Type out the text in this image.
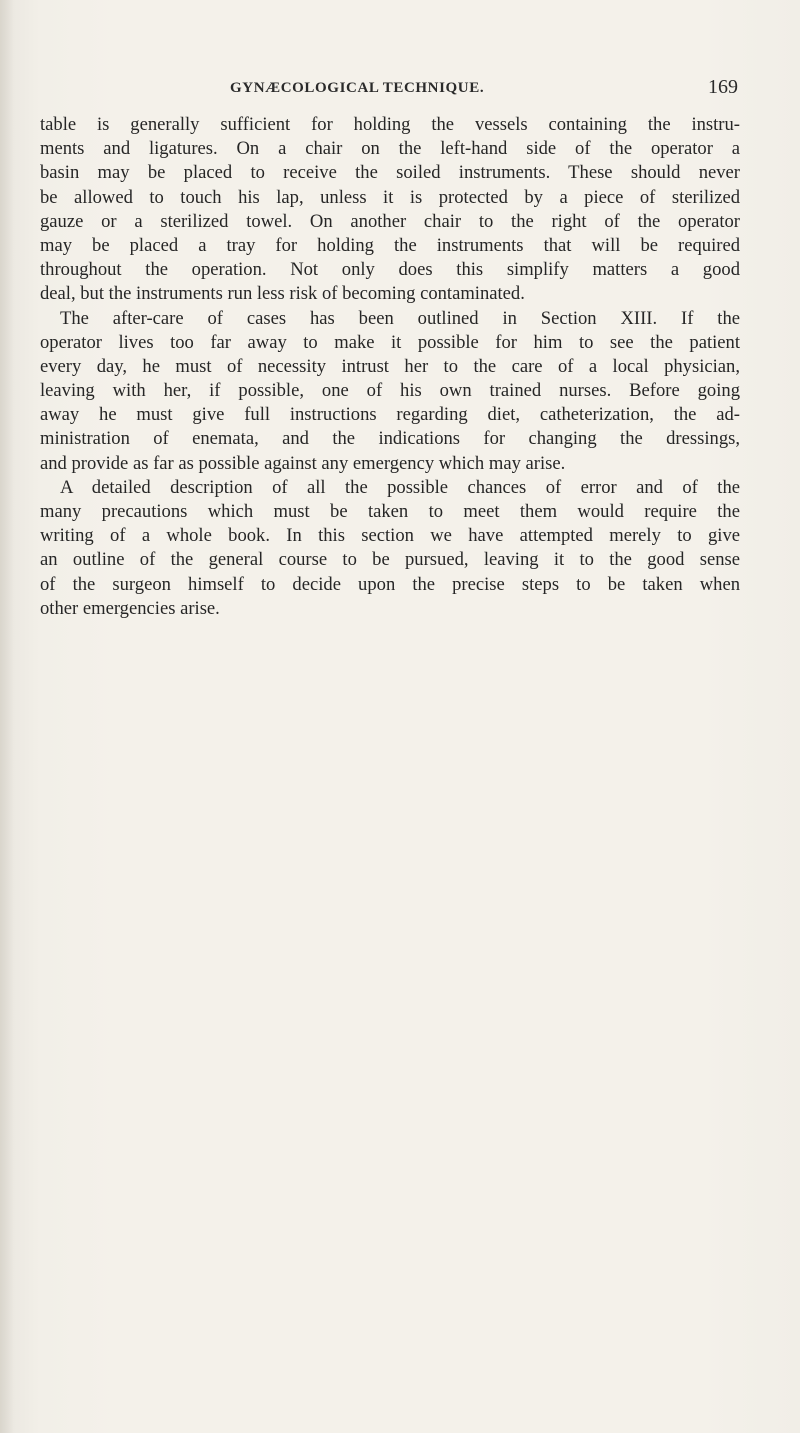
GYNÆCOLOGICAL TECHNIQUE.	169
table is generally sufficient for holding the vessels containing the instru-
ments and ligatures. On a chair on the left-hand side of the operator a
basin may be placed to receive the soiled instruments. These should never
be allowed to touch his lap, unless it is protected by a piece of sterilized
gauze or a sterilized towel. On another chair to the right of the operator
may be placed a tray for holding the instruments that will be required
throughout the operation. Not only does this simplify matters a good
deal, but the instruments run less risk of becoming contaminated.
The after-care of cases has been outlined in Section XIII. If the
operator lives too far away to make it possible for him to see the patient
every day, he must of necessity intrust her to the care of a local physician,
leaving with her, if possible, one of his own trained nurses. Before going
away he must give full instructions regarding diet, catheterization, the ad-
ministration of enemata, and the indications for changing the dressings,
and provide as far as possible against any emergency which may arise.
A detailed description of all the possible chances of error and of the
many precautions which must be taken to meet them would require the
writing of a whole book. In this section we have attempted merely to give
an outline of the general course to be pursued, leaving it to the good sense
of the surgeon himself to decide upon the precise steps to be taken when
other emergencies arise.
